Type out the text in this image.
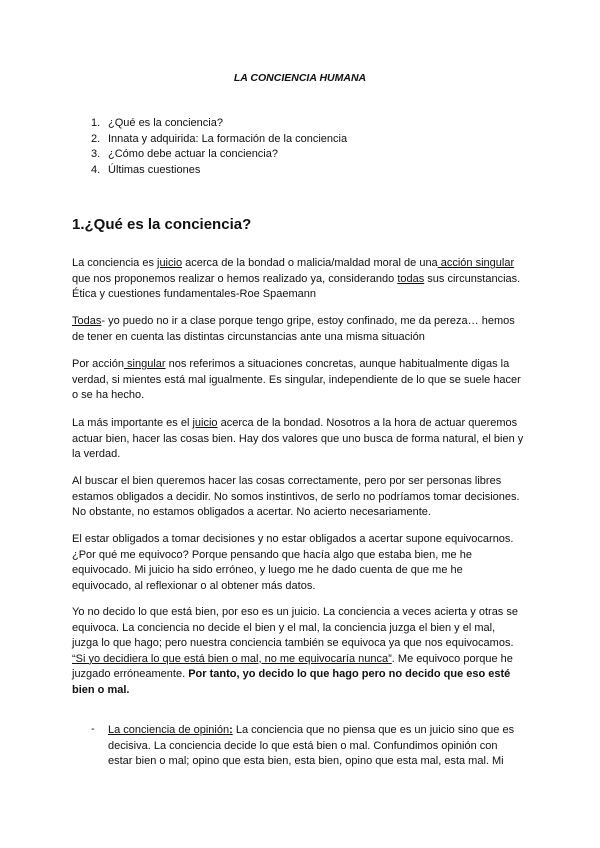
LA CONCIENCIA HUMANA
1. ¿Qué es la conciencia?
2. Innata y adquirida: La formación de la conciencia
3. ¿Cómo debe actuar la conciencia?
4. Últimas cuestiones
1.¿Qué es la conciencia?
La conciencia es juicio acerca de la bondad o malicia/maldad moral de una acción singular
que nos proponemos realizar o hemos realizado ya, considerando todas sus circunstancias.
Ética y cuestiones fundamentales-Roe Spaemann
Todas- yo puedo no ir a clase porque tengo gripe, estoy confinado, me da pereza… hemos
de tener en cuenta las distintas circunstancias ante una misma situación
Por acción singular nos referimos a situaciones concretas, aunque habitualmente digas la
verdad, si mientes está mal igualmente. Es singular, independiente de lo que se suele hacer
o se ha hecho.
La más importante es el juicio acerca de la bondad. Nosotros a la hora de actuar queremos
actuar bien, hacer las cosas bien. Hay dos valores que uno busca de forma natural, el bien y
la verdad.
Al buscar el bien queremos hacer las cosas correctamente, pero por ser personas libres
estamos obligados a decidir. No somos instintivos, de serlo no podríamos tomar decisiones.
No obstante, no estamos obligados a acertar. No acierto necesariamente.
El estar obligados a tomar decisiones y no estar obligados a acertar supone equivocarnos.
¿Por qué me equivoco? Porque pensando que hacía algo que estaba bien, me he
equivocado. Mi juicio ha sido erróneo, y luego me he dado cuenta de que me he
equivocado, al reflexionar o al obtener más datos.
Yo no decido lo que está bien, por eso es un juicio. La conciencia a veces acierta y otras se
equivoca. La conciencia no decide el bien y el mal, la conciencia juzga el bien y el mal,
juzga lo que hago; pero nuestra conciencia también se equivoca ya que nos equivocamos.
“Si yo decidiera lo que está bien o mal, no me equivocaría nunca”. Me equivoco porque he
juzgado erróneamente. Por tanto, yo decido lo que hago pero no decido que eso esté
bien o mal.
- La conciencia de opinión: La conciencia que no piensa que es un juicio sino que es
decisiva. La conciencia decide lo que está bien o mal. Confundimos opinión con
estar bien o mal; opino que esta bien, esta bien, opino que esta mal, esta mal. Mi
